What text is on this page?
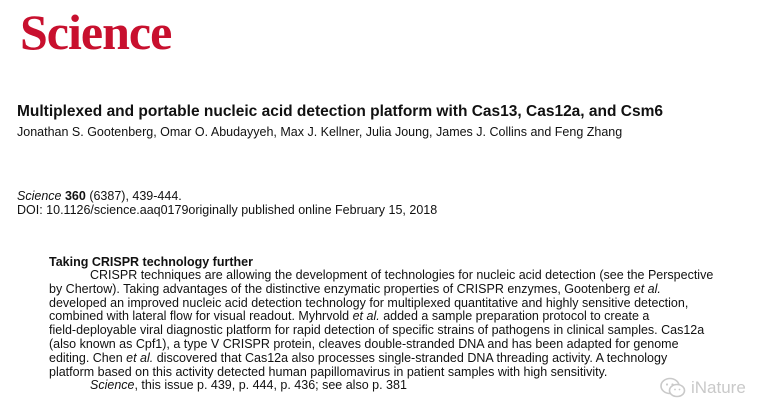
Science
Multiplexed and portable nucleic acid detection platform with Cas13, Cas12a, and Csm6
Jonathan S. Gootenberg, Omar O. Abudayyeh, Max J. Kellner, Julia Joung, James J. Collins and Feng Zhang
Science 360 (6387), 439-444.
DOI: 10.1126/science.aaq0179originally published online February 15, 2018
Taking CRISPR technology further
CRISPR techniques are allowing the development of technologies for nucleic acid detection (see the Perspective
by Chertow). Taking advantages of the distinctive enzymatic properties of CRISPR enzymes, Gootenberg et al.
developed an improved nucleic acid detection technology for multiplexed quantitative and highly sensitive detection,
combined with lateral flow for visual readout. Myhrvold et al. added a sample preparation protocol to create a
field-deployable viral diagnostic platform for rapid detection of specific strains of pathogens in clinical samples. Cas12a
(also known as Cpf1), a type V CRISPR protein, cleaves double-stranded DNA and has been adapted for genome
editing. Chen et al. discovered that Cas12a also processes single-stranded DNA threading activity. A technology
platform based on this activity detected human papillomavirus in patient samples with high sensitivity.
Science, this issue p. 439, p. 444, p. 436; see also p. 381	iNature
